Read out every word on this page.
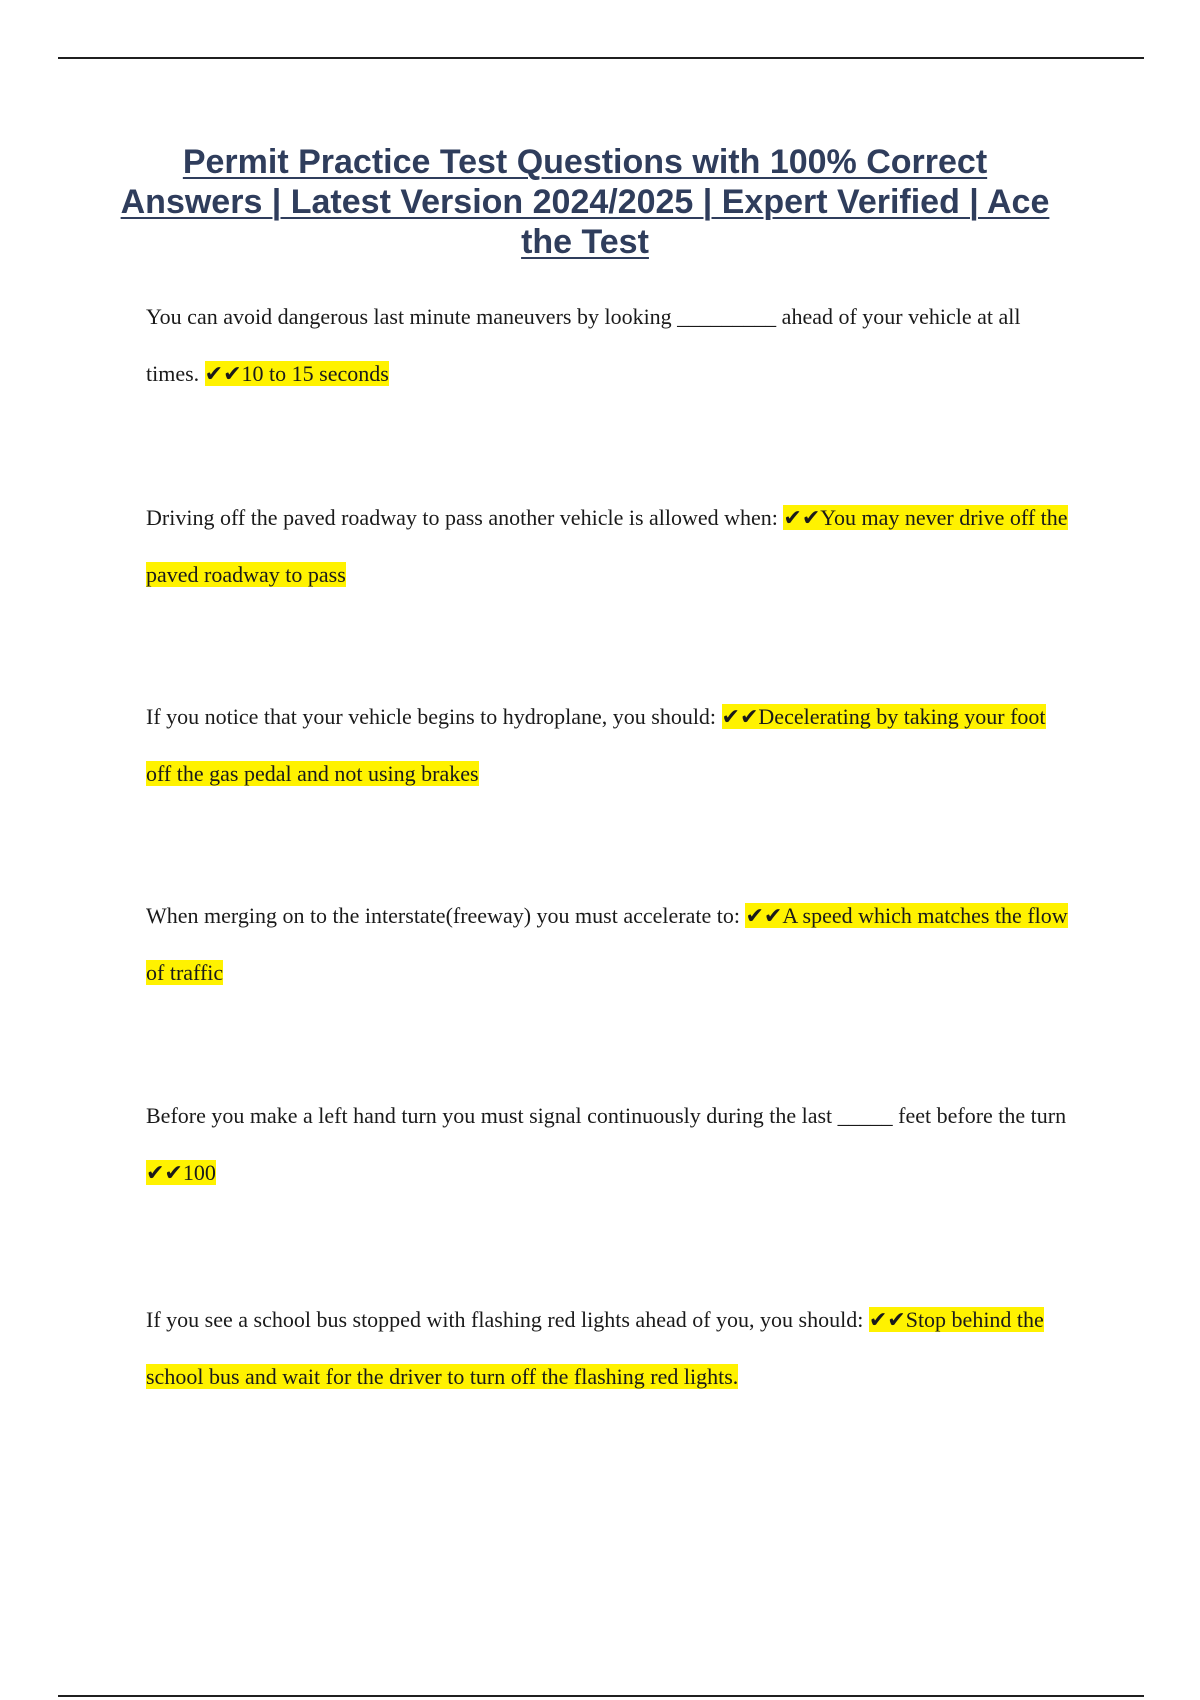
Permit Practice Test Questions with 100% Correct Answers | Latest Version 2024/2025 | Expert Verified | Ace the Test

You can avoid dangerous last minute maneuvers by looking _________ ahead of your vehicle at all times. ✔✔10 to 15 seconds

Driving off the paved roadway to pass another vehicle is allowed when: ✔✔You may never drive off the paved roadway to pass

If you notice that your vehicle begins to hydroplane, you should: ✔✔Decelerating by taking your foot off the gas pedal and not using brakes

When merging on to the interstate(freeway) you must accelerate to: ✔✔A speed which matches the flow of traffic

Before you make a left hand turn you must signal continuously during the last _____ feet before the turn ✔✔100

If you see a school bus stopped with flashing red lights ahead of you, you should: ✔✔Stop behind the school bus and wait for the driver to turn off the flashing red lights.
